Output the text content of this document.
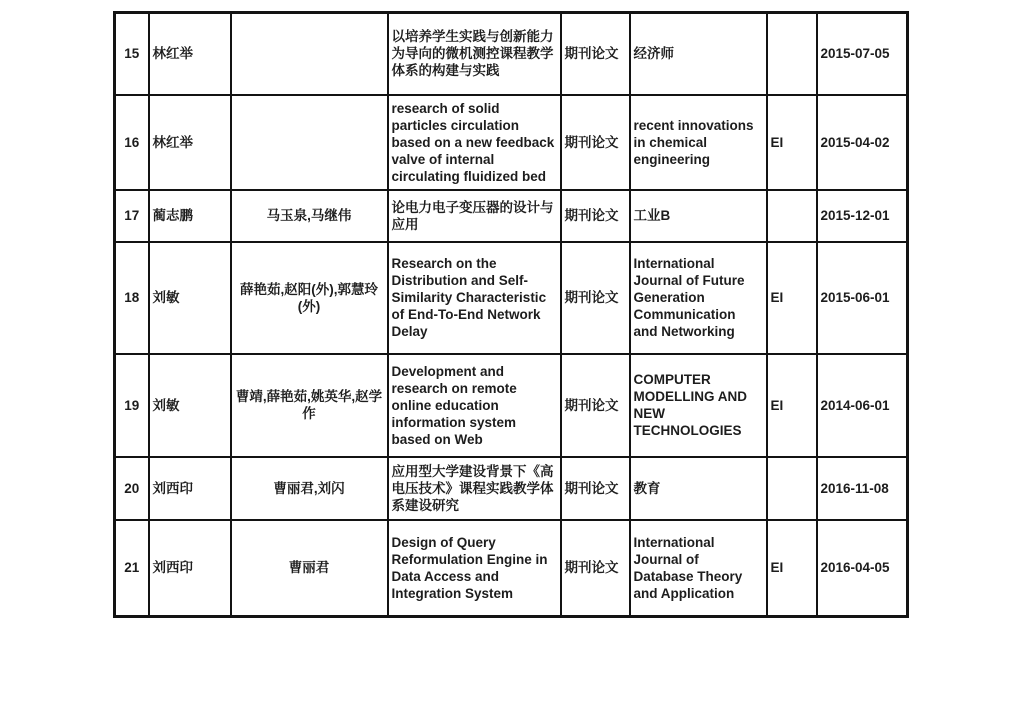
15	林红举		以培养学生实践与创新能力为导向的微机测控课程教学体系的构建与实践	期刊论文	经济师		2015-07-05
16	林红举		research of solid particles circulation based on a new feedback valve of internal circulating fluidized bed	期刊论文	recent innovations in chemical engineering	EI	2015-04-02
17	蔺志鹏	马玉泉,马继伟	论电力电子变压器的设计与应用	期刊论文	工业B		2015-12-01
18	刘敏	薛艳茹,赵阳(外),郭慧玲(外)	Research on the Distribution and Self-Similarity Characteristic of End-To-End Network Delay	期刊论文	International Journal of Future Generation Communication and Networking	EI	2015-06-01
19	刘敏	曹靖,薛艳茹,姚英华,赵学作	Development and research on remote online education information system based on Web	期刊论文	COMPUTER MODELLING AND NEW TECHNOLOGIES	EI	2014-06-01
20	刘西印	曹丽君,刘闪	应用型大学建设背景下《高电压技术》课程实践教学体系建设研究	期刊论文	教育		2016-11-08
21	刘西印	曹丽君	Design of Query Reformulation Engine in Data Access and Integration System	期刊论文	International Journal of Database Theory and Application	EI	2016-04-05
